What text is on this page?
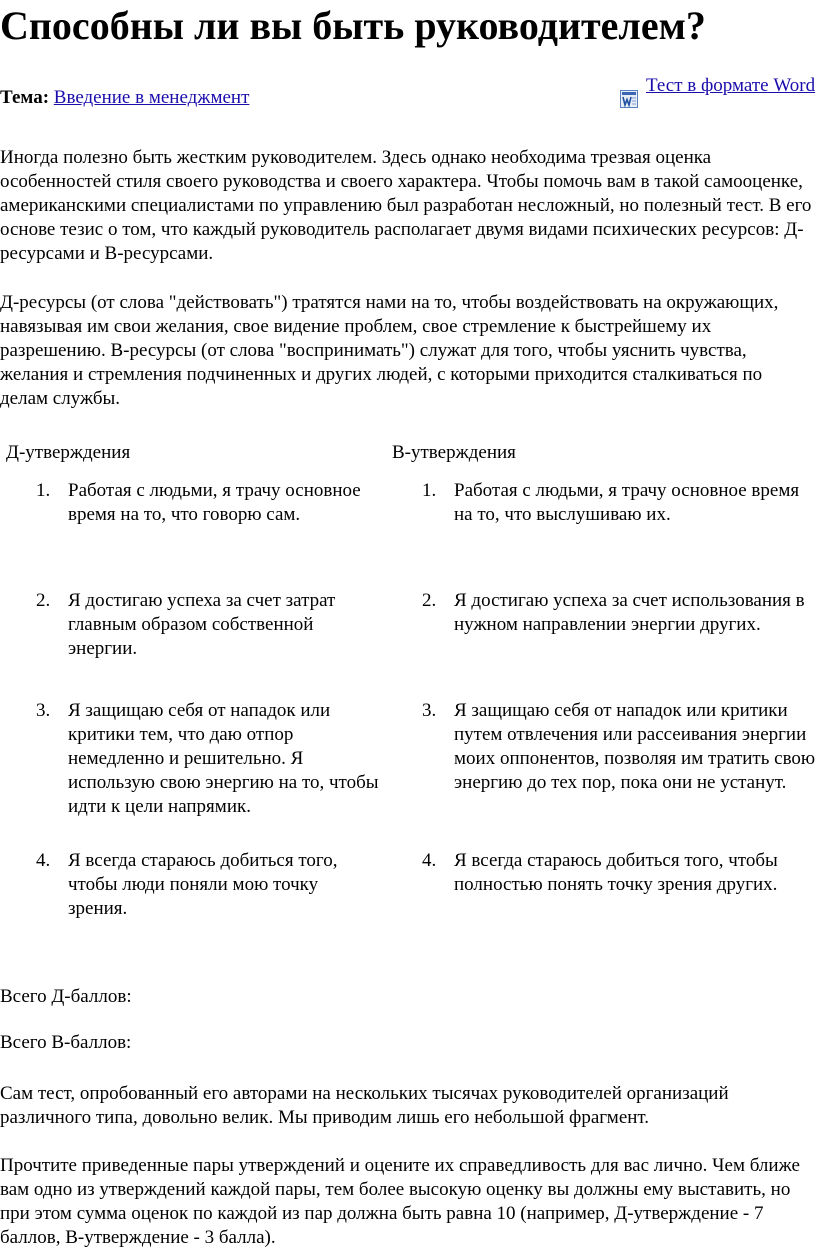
Способны ли вы быть руководителем?
Тема: Введение в менеджмент
Тест в формате Word

Иногда полезно быть жестким руководителем. Здесь однако необходима трезвая оценка особенностей стиля своего руководства и своего характера. Чтобы помочь вам в такой самооценке, американскими специалистами по управлению был разработан несложный, но полезный тест. В его основе тезис о том, что каждый руководитель располагает двумя видами психических ресурсов: Д-ресурсами и В-ресурсами.

Д-ресурсы (от слова "действовать") тратятся нами на то, чтобы воздействовать на окружающих, навязывая им свои желания, свое видение проблем, свое стремление к быстрейшему их разрешению. В-ресурсы (от слова "воспринимать") служат для того, чтобы уяснить чувства, желания и стремления подчиненных и других людей, с которыми приходится сталкиваться по делам службы.

Д-утверждения	В-утверждения
1. Работая с людьми, я трачу основное время на то, что говорю сам.
2. Я достигаю успеха за счет затрат главным образом собственной энергии.
3. Я защищаю себя от нападок или критики тем, что даю отпор немедленно и решительно. Я использую свою энергию на то, чтобы идти к цели напрямик.
4. Я всегда стараюсь добиться того, чтобы люди поняли мою точку зрения.
1. Работая с людьми, я трачу основное время на то, что выслушиваю их.
2. Я достигаю успеха за счет использования в нужном направлении энергии других.
3. Я защищаю себя от нападок или критики путем отвлечения или рассеивания энергии моих оппонентов, позволяя им тратить свою энергию до тех пор, пока они не устанут.
4. Я всегда стараюсь добиться того, чтобы полностью понять точку зрения других.
Всего Д-баллов:
Всего В-баллов:

Сам тест, опробованный его авторами на нескольких тысячах руководителей организаций различного типа, довольно велик. Мы приводим лишь его небольшой фрагмент.

Прочтите приведенные пары утверждений и оцените их справедливость для вас лично. Чем ближе вам одно из утверждений каждой пары, тем более высокую оценку вы должны ему выставить, но при этом сумма оценок по каждой из пар должна быть равна 10 (например, Д-утверждение - 7 баллов, В-утверждение - 3 балла).
